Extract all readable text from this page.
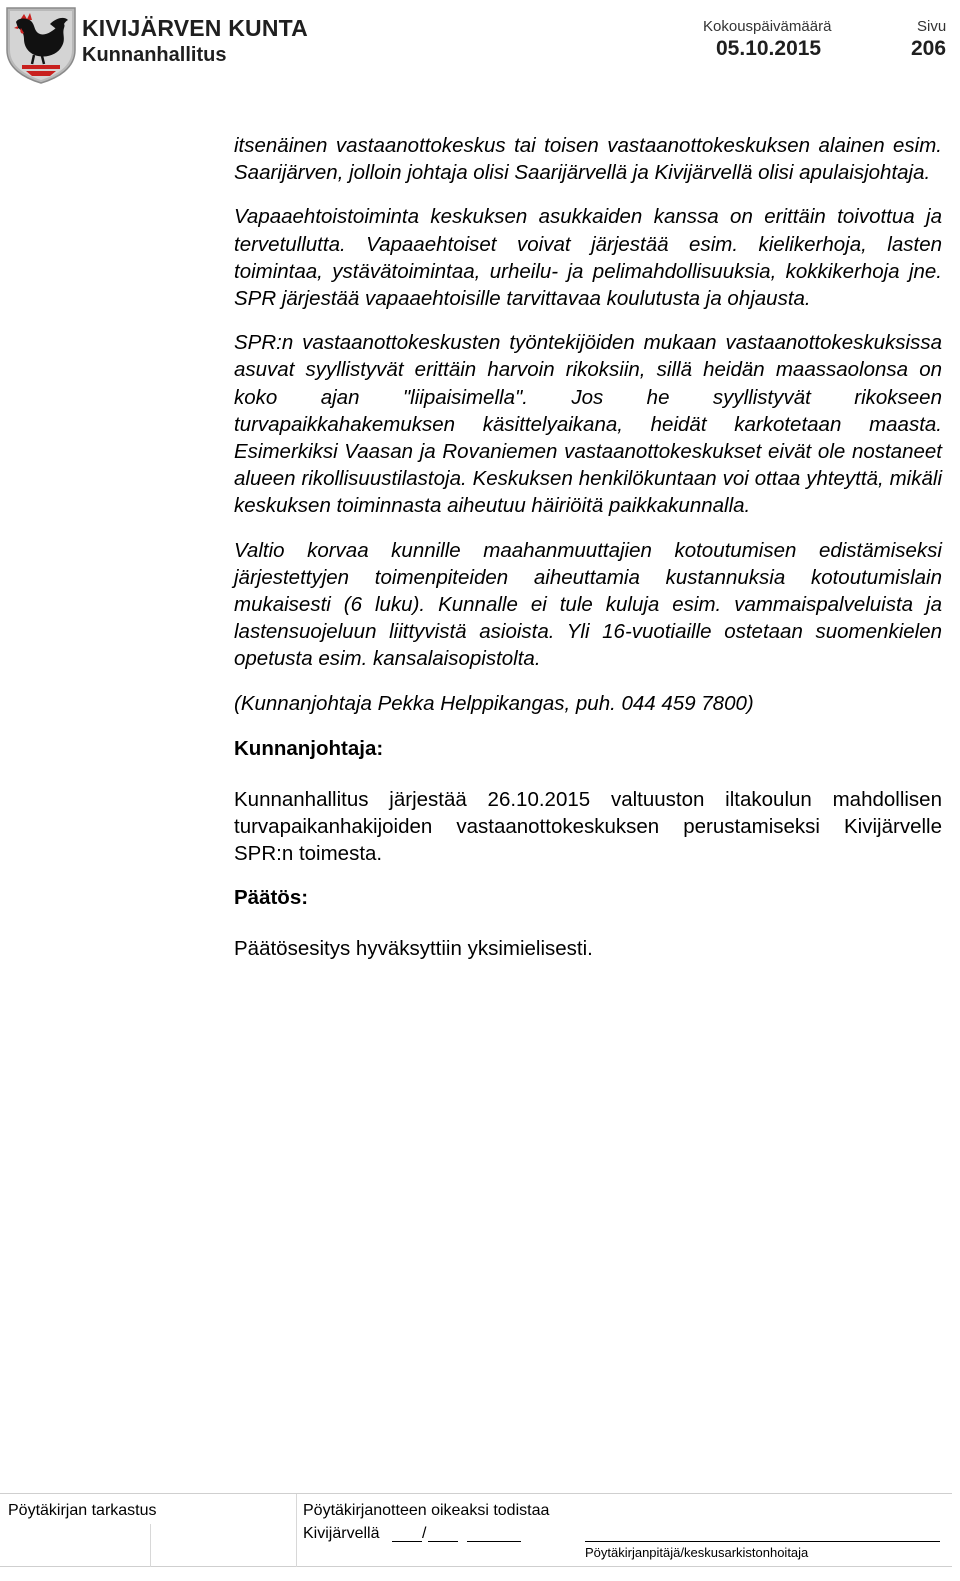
KIVIJÄRVEN KUNTA
Kunnanhallitus
Kokouspäivämäärä
05.10.2015
Sivu
206

itsenäinen vastaanottokeskus tai toisen vastaanottokeskuksen alainen esim. Saarijärven, jolloin johtaja olisi Saarijärvellä ja Kivijärvellä olisi apulaisjohtaja.

Vapaaehtoistoiminta keskuksen asukkaiden kanssa on erittäin toivottua ja tervetullutta. Vapaaehtoiset voivat järjestää esim. kielikerhoja, lasten toimintaa, ystävätoimintaa, urheilu- ja pelimahdollisuuksia, kokkikerhoja jne. SPR järjestää vapaaehtoisille tarvittavaa koulutusta ja ohjausta.

SPR:n vastaanottokeskusten työntekijöiden mukaan vastaanottokeskuksissa asuvat syyllistyvät erittäin harvoin rikoksiin, sillä heidän maassaolonsa on koko ajan "liipaisimella". Jos he syyllistyvät rikokseen turvapaikkahakemuksen käsittelyaikana, heidät karkotetaan maasta. Esimerkiksi Vaasan ja Rovaniemen vastaanottokeskukset eivät ole nostaneet alueen rikollisuustilastoja. Keskuksen henkilökuntaan voi ottaa yhteyttä, mikäli keskuksen toiminnasta aiheutuu häiriöitä paikkakunnalla.

Valtio korvaa kunnille maahanmuuttajien kotoutumisen edistämiseksi järjestettyjen toimenpiteiden aiheuttamia kustannuksia kotoutumislain mukaisesti (6 luku). Kunnalle ei tule kuluja esim. vammaispalveluista ja lastensuojeluun liittyvistä asioista. Yli 16-vuotiaille ostetaan suomenkielen opetusta esim. kansalaisopistolta.

(Kunnanjohtaja Pekka Helppikangas, puh. 044 459 7800)

Kunnanjohtaja:

Kunnanhallitus järjestää 26.10.2015 valtuuston iltakoulun mahdollisen turvapaikanhakijoiden vastaanottokeskuksen perustamiseksi Kivijärvelle SPR:n toimesta.

Päätös:

Päätösesitys hyväksyttiin yksimielisesti.

Pöytäkirjan tarkastus	Pöytäkirjanotteen oikeaksi todistaa
Kivijärvellä	/
Pöytäkirjanpitäjä/keskusarkistonhoitaja
